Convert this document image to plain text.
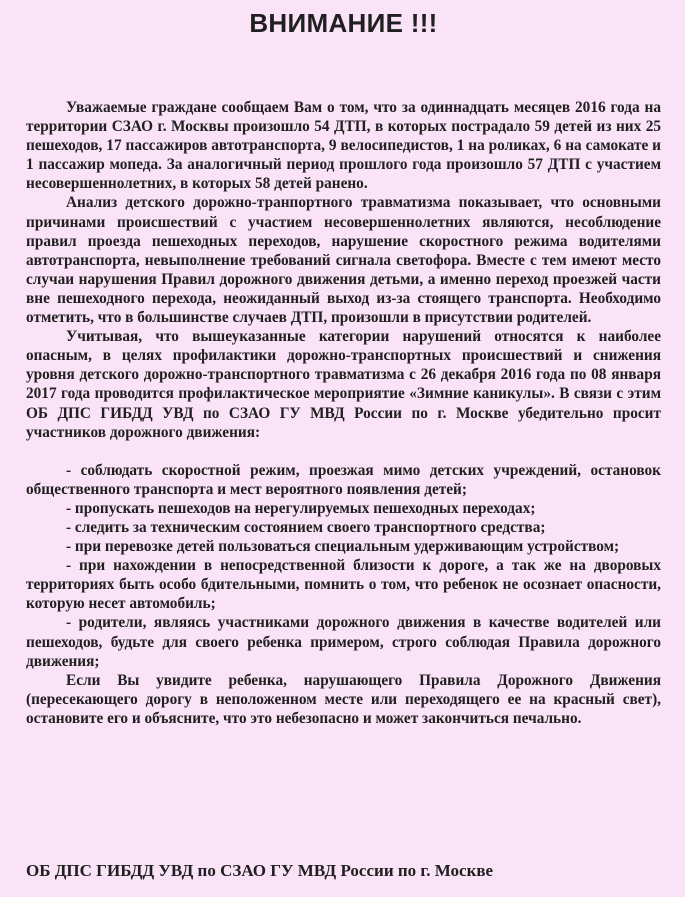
ВНИМАНИЕ !!!

Уважаемые граждане сообщаем Вам о том, что за одиннадцать месяцев 2016 года на территории СЗАО г. Москвы произошло 54 ДТП, в которых пострадало 59 детей из них 25 пешеходов, 17 пассажиров автотранспорта, 9 велосипедистов, 1 на роликах, 6 на самокате и 1 пассажир мопеда. За аналогичный период прошлого года произошло 57 ДТП с участием несовершеннолетних, в которых 58 детей ранено.

Анализ детского дорожно-транпортного травматизма показывает, что основными причинами происшествий с участием несовершеннолетних являются, несоблюдение правил проезда пешеходных переходов, нарушение скоростного режима водителями автотранспорта, невыполнение требований сигнала светофора. Вместе с тем имеют место случаи нарушения Правил дорожного движения детьми, а именно переход проезжей части вне пешеходного перехода, неожиданный выход из-за стоящего транспорта. Необходимо отметить, что в большинстве случаев ДТП, произошли в присутствии родителей.

Учитывая, что вышеуказанные категории нарушений относятся к наиболее опасным, в целях профилактики дорожно-транспортных происшествий и снижения уровня детского дорожно-транспортного травматизма с 26 декабря 2016 года по 08 января 2017 года проводится профилактическое мероприятие «Зимние каникулы». В связи с этим ОБ ДПС ГИБДД УВД по СЗАО ГУ МВД России по г. Москве убедительно просит участников дорожного движения:

- соблюдать скоростной режим, проезжая мимо детских учреждений, остановок общественного транспорта и мест вероятного появления детей;

- пропускать пешеходов на нерегулируемых пешеходных переходах;

- следить за техническим состоянием своего транспортного средства;

- при перевозке детей пользоваться специальным удерживающим устройством;

- при нахождении в непосредственной близости к дороге, а так же на дворовых территориях быть особо бдительными, помнить о том, что ребенок не осознает опасности, которую несет автомобиль;

- родители, являясь участниками дорожного движения в качестве водителей или пешеходов, будьте для своего ребенка примером, строго соблюдая Правила дорожного движения;

Если Вы увидите ребенка, нарушающего Правила Дорожного Движения (пересекающего дорогу в неположенном месте или переходящего ее на красный свет), остановите его и объясните, что это небезопасно и может закончиться печально.

ОБ ДПС ГИБДД УВД по СЗАО ГУ МВД России по г. Москве
